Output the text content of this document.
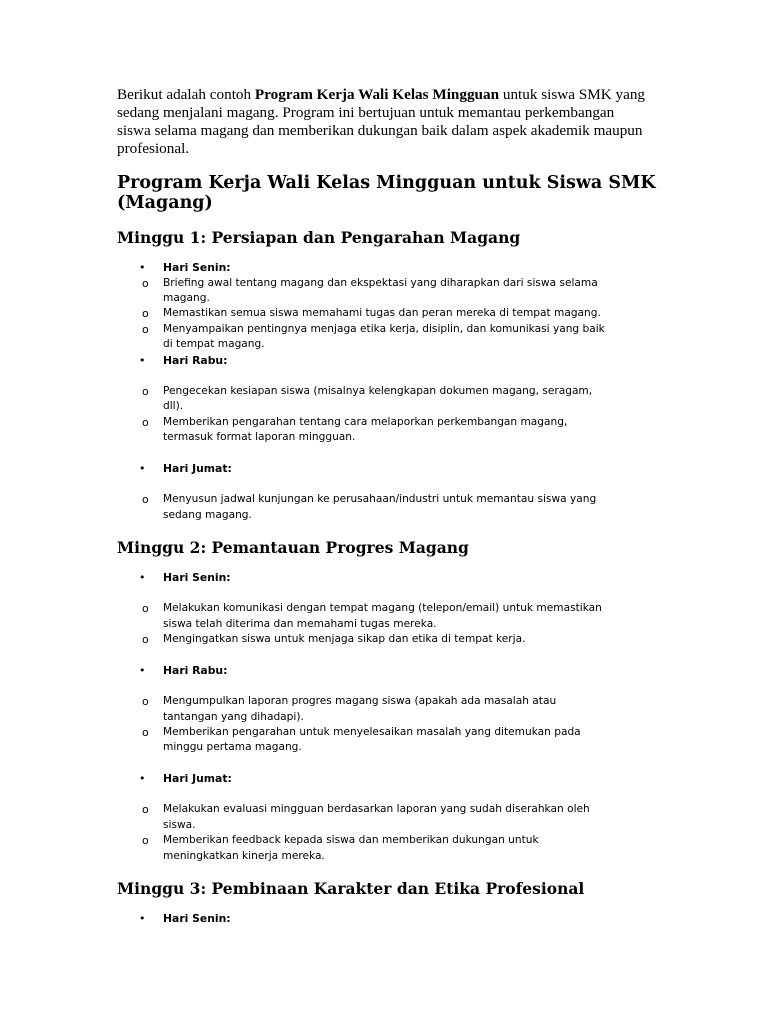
Berikut adalah contoh Program Kerja Wali Kelas Mingguan untuk siswa SMK yang sedang menjalani magang. Program ini bertujuan untuk memantau perkembangan siswa selama magang dan memberikan dukungan baik dalam aspek akademik maupun profesional.

Program Kerja Wali Kelas Mingguan untuk Siswa SMK (Magang)
Minggu 1: Persiapan dan Pengarahan Magang
• Hari Senin:
o Briefing awal tentang magang dan ekspektasi yang diharapkan dari siswa selama magang.
o Memastikan semua siswa memahami tugas dan peran mereka di tempat magang.
o Menyampaikan pentingnya menjaga etika kerja, disiplin, dan komunikasi yang baik di tempat magang.
• Hari Rabu:
o Pengecekan kesiapan siswa (misalnya kelengkapan dokumen magang, seragam, dll).
o Memberikan pengarahan tentang cara melaporkan perkembangan magang, termasuk format laporan mingguan.
• Hari Jumat:
o Menyusun jadwal kunjungan ke perusahaan/industri untuk memantau siswa yang sedang magang.
Minggu 2: Pemantauan Progres Magang
• Hari Senin:
o Melakukan komunikasi dengan tempat magang (telepon/email) untuk memastikan siswa telah diterima dan memahami tugas mereka.
o Mengingatkan siswa untuk menjaga sikap dan etika di tempat kerja.
• Hari Rabu:
o Mengumpulkan laporan progres magang siswa (apakah ada masalah atau tantangan yang dihadapi).
o Memberikan pengarahan untuk menyelesaikan masalah yang ditemukan pada minggu pertama magang.
• Hari Jumat:
o Melakukan evaluasi mingguan berdasarkan laporan yang sudah diserahkan oleh siswa.
o Memberikan feedback kepada siswa dan memberikan dukungan untuk meningkatkan kinerja mereka.
Minggu 3: Pembinaan Karakter dan Etika Profesional
• Hari Senin:
